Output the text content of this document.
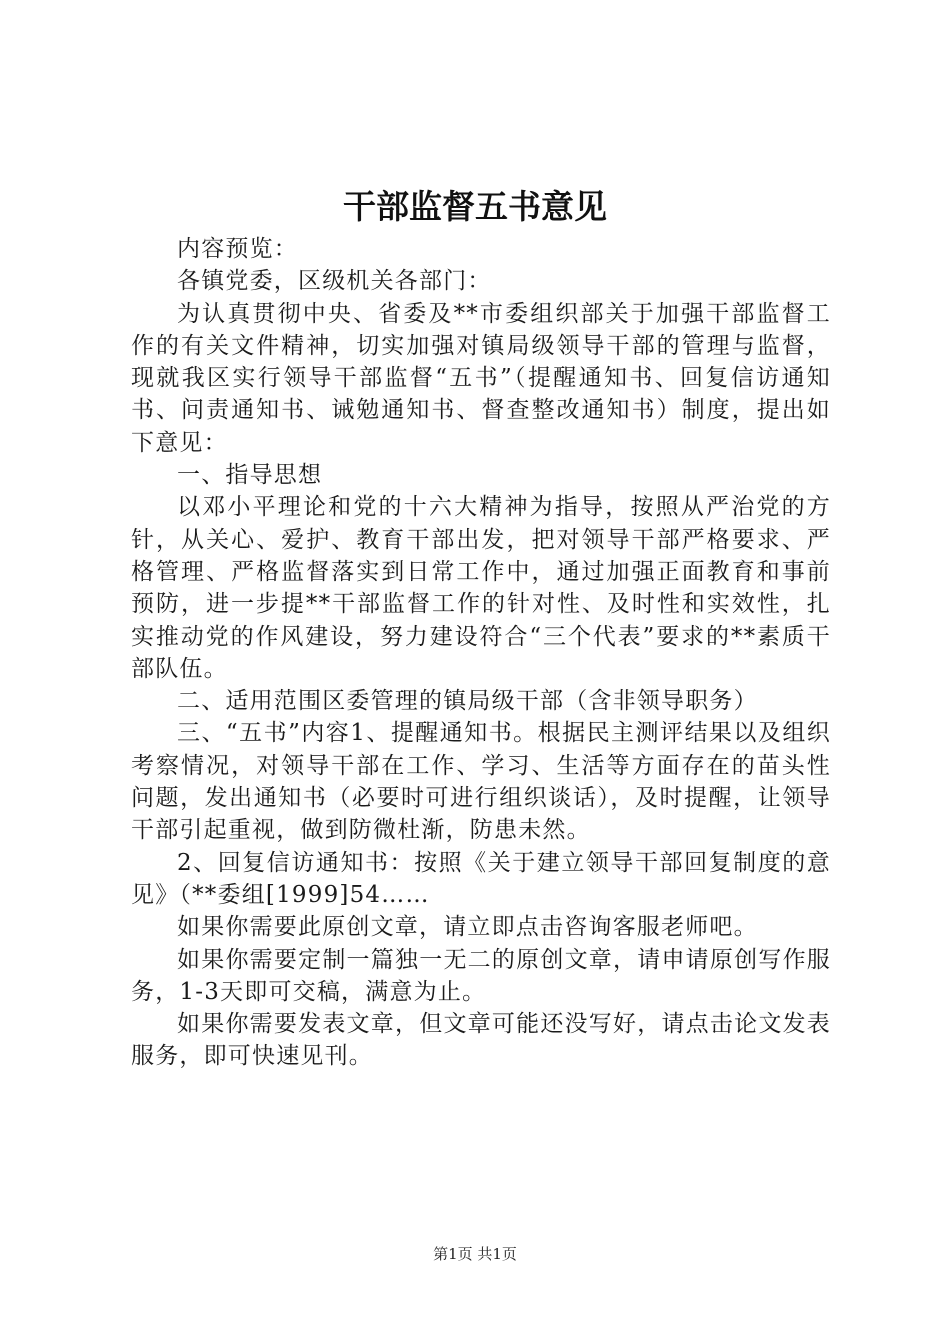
干部监督五书意见

内容预览：

各镇党委，区级机关各部门：

为认真贯彻中央、省委及**市委组织部关于加强干部监督工作的有关文件精神，切实加强对镇局级领导干部的管理与监督，现就我区实行领导干部监督“五书”（提醒通知书、回复信访通知书、问责通知书、诫勉通知书、督查整改通知书）制度，提出如下意见：

一、指导思想

以邓小平理论和党的十六大精神为指导，按照从严治党的方针，从关心、爱护、教育干部出发，把对领导干部严格要求、严格管理、严格监督落实到日常工作中，通过加强正面教育和事前预防，进一步提**干部监督工作的针对性、及时性和实效性，扎实推动党的作风建设，努力建设符合“三个代表”要求的**素质干部队伍。

二、适用范围区委管理的镇局级干部（含非领导职务）

三、“五书”内容1、提醒通知书。根据民主测评结果以及组织考察情况，对领导干部在工作、学习、生活等方面存在的苗头性问题，发出通知书（必要时可进行组织谈话），及时提醒，让领导干部引起重视，做到防微杜渐，防患未然。

2、回复信访通知书：按照《关于建立领导干部回复制度的意见》（**委组[1999]54……

如果你需要此原创文章，请立即点击咨询客服老师吧。

如果你需要定制一篇独一无二的原创文章，请申请原创写作服务，1-3天即可交稿，满意为止。

如果你需要发表文章，但文章可能还没写好，请点击论文发表服务，即可快速见刊。

第1页 共1页
